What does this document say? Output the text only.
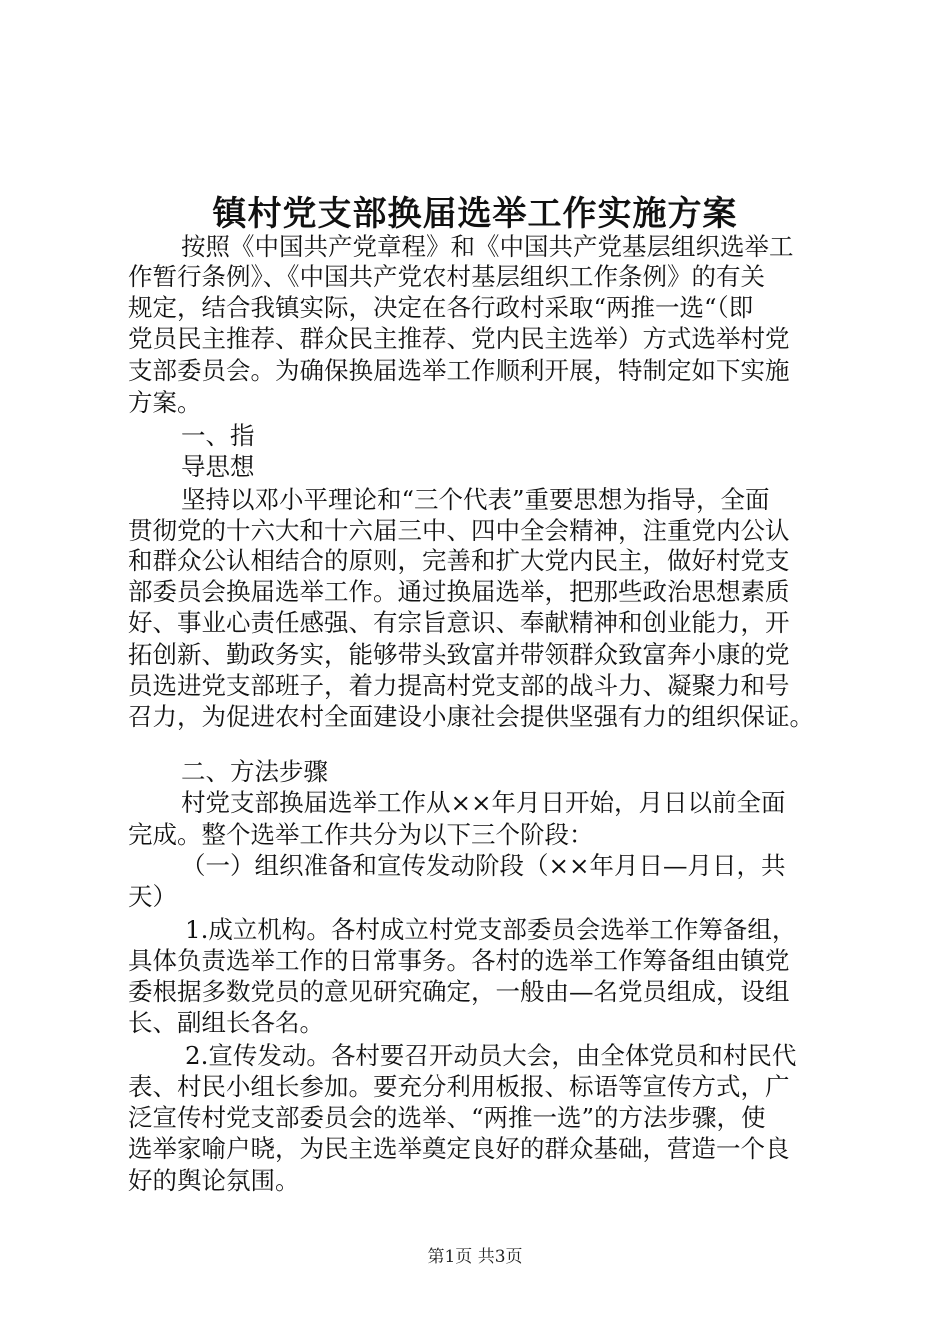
镇村党支部换届选举工作实施方案
按照《中国共产党章程》和《中国共产党基层组织选举工
作暂行条例》、《中国共产党农村基层组织工作条例》的有关
规定，结合我镇实际，决定在各行政村采取“两推一选“（即
党员民主推荐、群众民主推荐、党内民主选举）方式选举村党
支部委员会。为确保换届选举工作顺利开展，特制定如下实施
方案。
一、指
导思想
坚持以邓小平理论和“三个代表”重要思想为指导，全面
贯彻党的十六大和十六届三中、四中全会精神，注重党内公认
和群众公认相结合的原则，完善和扩大党内民主，做好村党支
部委员会换届选举工作。通过换届选举，把那些政治思想素质
好、事业心责任感强、有宗旨意识、奉献精神和创业能力，开
拓创新、勤政务实，能够带头致富并带领群众致富奔小康的党
员选进党支部班子，着力提高村党支部的战斗力、凝聚力和号
召力，为促进农村全面建设小康社会提供坚强有力的组织保证。
二、方法步骤
村党支部换届选举工作从××年月日开始，月日以前全面
完成。整个选举工作共分为以下三个阶段：
（一）组织准备和宣传发动阶段（××年月日—月日，共
天）
1.成立机构。各村成立村党支部委员会选举工作筹备组，
具体负责选举工作的日常事务。各村的选举工作筹备组由镇党
委根据多数党员的意见研究确定，一般由—名党员组成，设组
长、副组长各名。
2.宣传发动。各村要召开动员大会，由全体党员和村民代
表、村民小组长参加。要充分利用板报、标语等宣传方式，广
泛宣传村党支部委员会的选举、“两推一选”的方法步骤，使
选举家喻户晓，为民主选举奠定良好的群众基础，营造一个良
好的舆论氛围。
第1页 共3页
